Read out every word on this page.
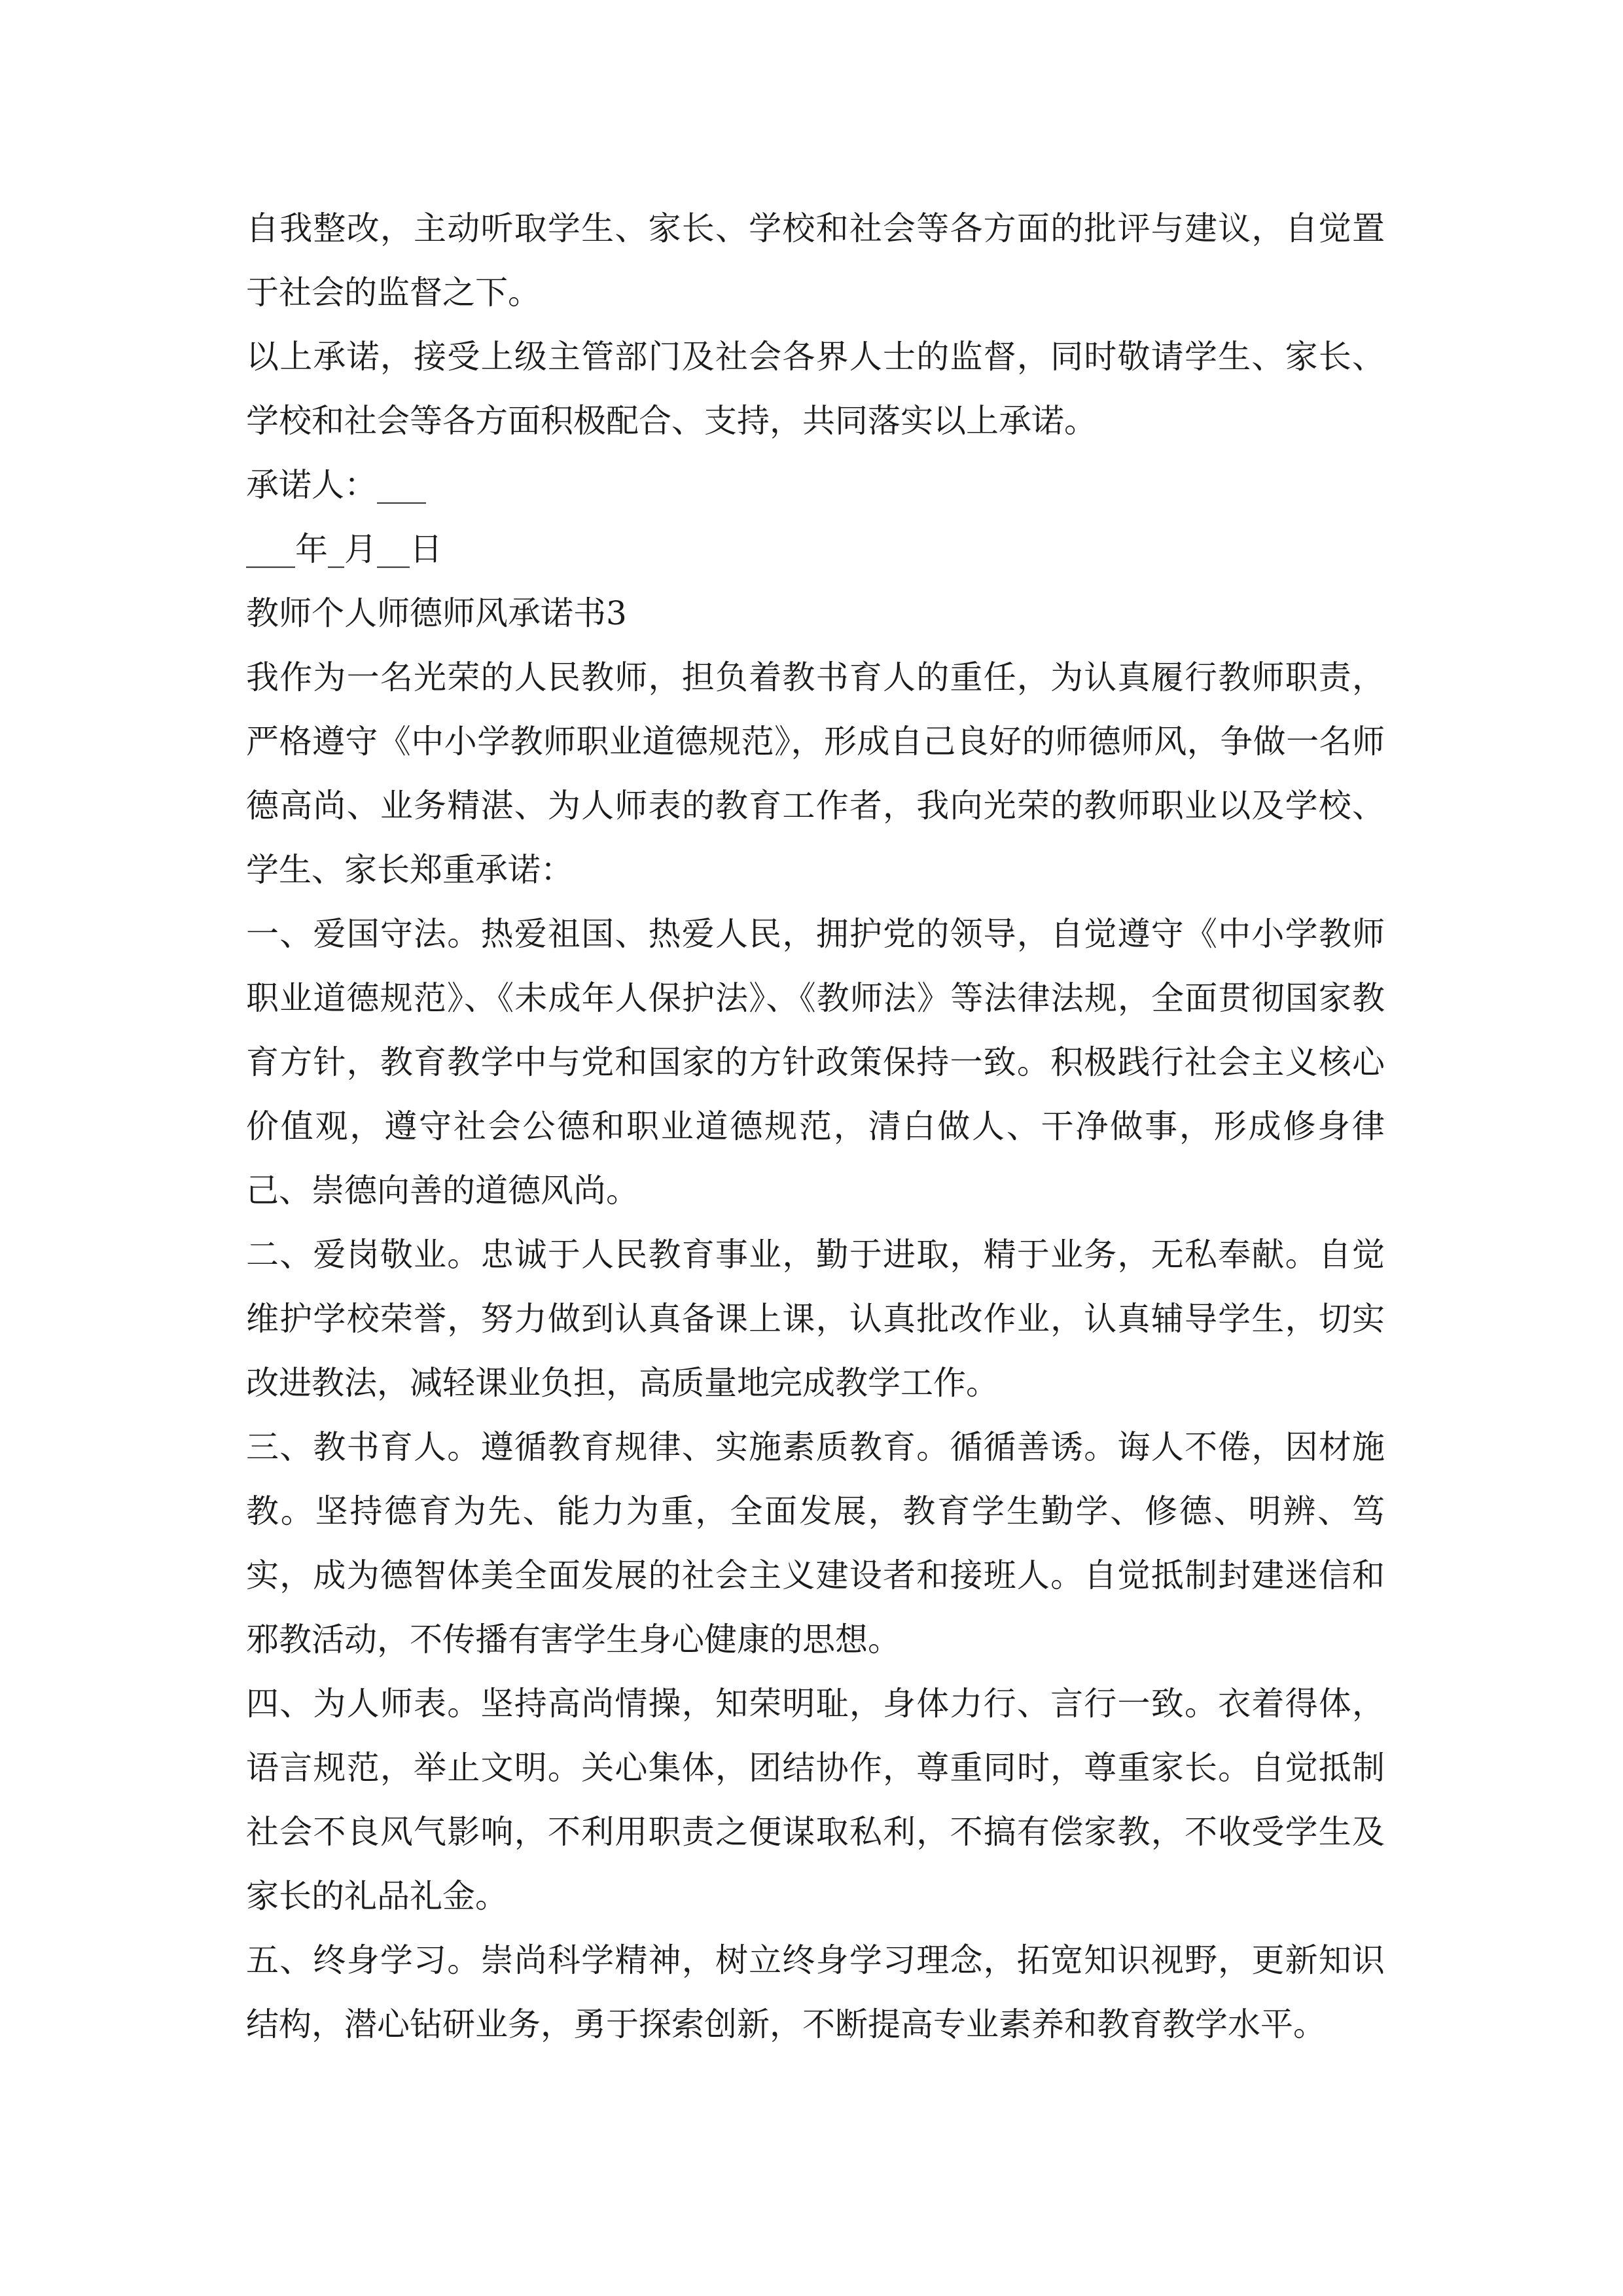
自我整改，主动听取学生、家长、学校和社会等各方面的批评与建议，自觉置于社会的监督之下。

以上承诺，接受上级主管部门及社会各界人士的监督，同时敬请学生、家长、学校和社会等各方面积极配合、支持，共同落实以上承诺。

承诺人：___

___年_月__日

教师个人师德师风承诺书3

我作为一名光荣的人民教师，担负着教书育人的重任，为认真履行教师职责，严格遵守《中小学教师职业道德规范》，形成自己良好的师德师风，争做一名师德高尚、业务精湛、为人师表的教育工作者，我向光荣的教师职业以及学校、学生、家长郑重承诺：

一、爱国守法。热爱祖国、热爱人民，拥护党的领导，自觉遵守《中小学教师职业道德规范》、《未成年人保护法》、《教师法》等法律法规，全面贯彻国家教育方针，教育教学中与党和国家的方针政策保持一致。积极践行社会主义核心价值观，遵守社会公德和职业道德规范，清白做人、干净做事，形成修身律己、崇德向善的道德风尚。

二、爱岗敬业。忠诚于人民教育事业，勤于进取，精于业务，无私奉献。自觉维护学校荣誉，努力做到认真备课上课，认真批改作业，认真辅导学生，切实改进教法，减轻课业负担，高质量地完成教学工作。

三、教书育人。遵循教育规律、实施素质教育。循循善诱。诲人不倦，因材施教。坚持德育为先、能力为重，全面发展，教育学生勤学、修德、明辨、笃实，成为德智体美全面发展的社会主义建设者和接班人。自觉抵制封建迷信和邪教活动，不传播有害学生身心健康的思想。

四、为人师表。坚持高尚情操，知荣明耻，身体力行、言行一致。衣着得体，语言规范，举止文明。关心集体，团结协作，尊重同时，尊重家长。自觉抵制社会不良风气影响，不利用职责之便谋取私利，不搞有偿家教，不收受学生及家长的礼品礼金。

五、终身学习。崇尚科学精神，树立终身学习理念，拓宽知识视野，更新知识结构，潜心钻研业务，勇于探索创新，不断提高专业素养和教育教学水平。
